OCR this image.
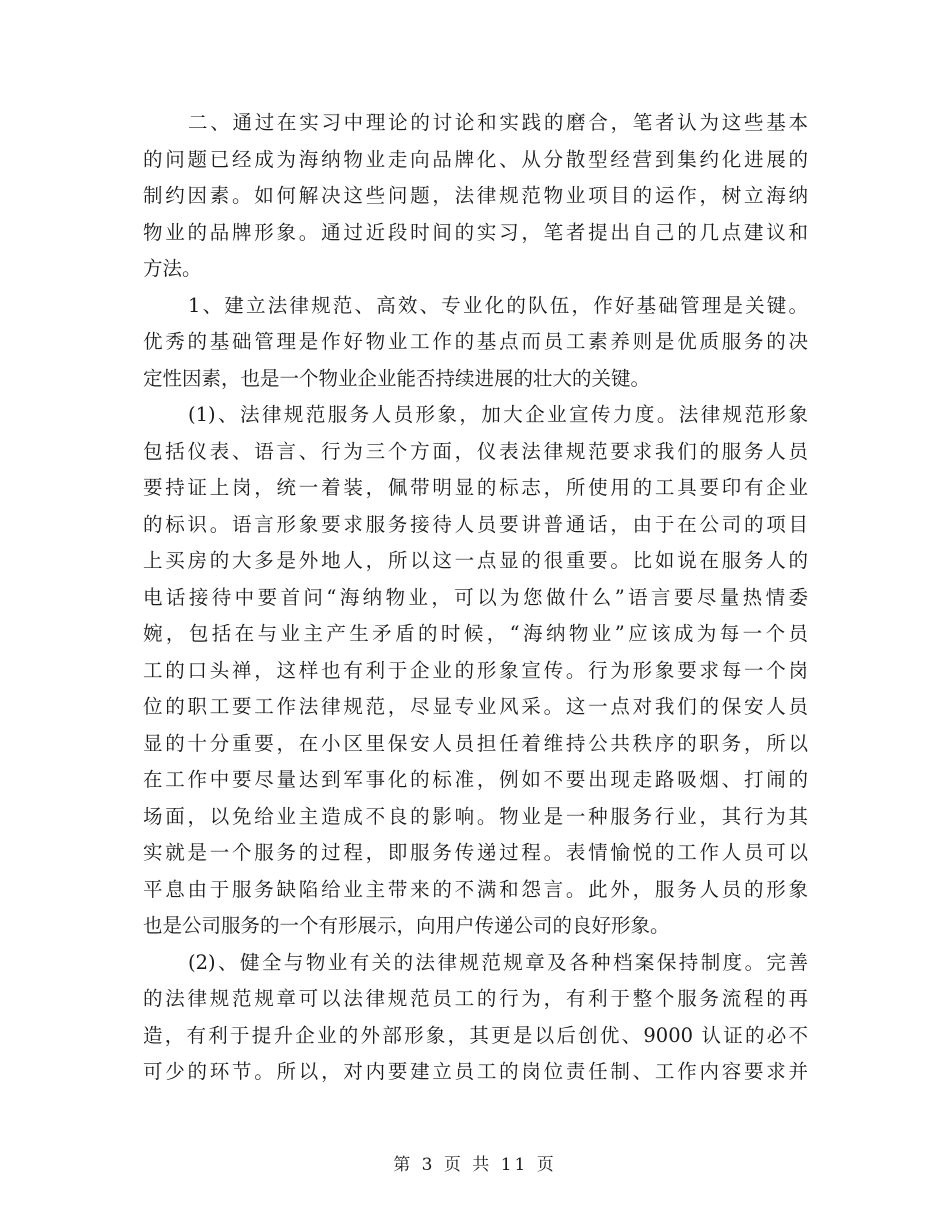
二、通过在实习中理论的讨论和实践的磨合，笔者认为这些基本
的问题已经成为海纳物业走向品牌化、从分散型经营到集约化进展的
制约因素。如何解决这些问题，法律规范物业项目的运作，树立海纳
物业的品牌形象。通过近段时间的实习，笔者提出自己的几点建议和
方法。
1、建立法律规范、高效、专业化的队伍，作好基础管理是关键。
优秀的基础管理是作好物业工作的基点而员工素养则是优质服务的决
定性因素，也是一个物业企业能否持续进展的壮大的关键。
(1)、法律规范服务人员形象，加大企业宣传力度。法律规范形象
包括仪表、语言、行为三个方面，仪表法律规范要求我们的服务人员
要持证上岗，统一着装，佩带明显的标志，所使用的工具要印有企业
的标识。语言形象要求服务接待人员要讲普通话，由于在公司的项目
上买房的大多是外地人，所以这一点显的很重要。比如说在服务人的
电话接待中要首问“海纳物业，可以为您做什么”语言要尽量热情委
婉，包括在与业主产生矛盾的时候，“海纳物业”应该成为每一个员
工的口头禅，这样也有利于企业的形象宣传。行为形象要求每一个岗
位的职工要工作法律规范，尽显专业风采。这一点对我们的保安人员
显的十分重要，在小区里保安人员担任着维持公共秩序的职务，所以
在工作中要尽量达到军事化的标准，例如不要出现走路吸烟、打闹的
场面，以免给业主造成不良的影响。物业是一种服务行业，其行为其
实就是一个服务的过程，即服务传递过程。表情愉悦的工作人员可以
平息由于服务缺陷给业主带来的不满和怨言。此外，服务人员的形象
也是公司服务的一个有形展示，向用户传递公司的良好形象。
(2)、健全与物业有关的法律规范规章及各种档案保持制度。完善
的法律规范规章可以法律规范员工的行为，有利于整个服务流程的再
造，有利于提升企业的外部形象，其更是以后创优、9000 认证的必不
可少的环节。所以，对内要建立员工的岗位责任制、工作内容要求并
第 3 页 共 11 页
